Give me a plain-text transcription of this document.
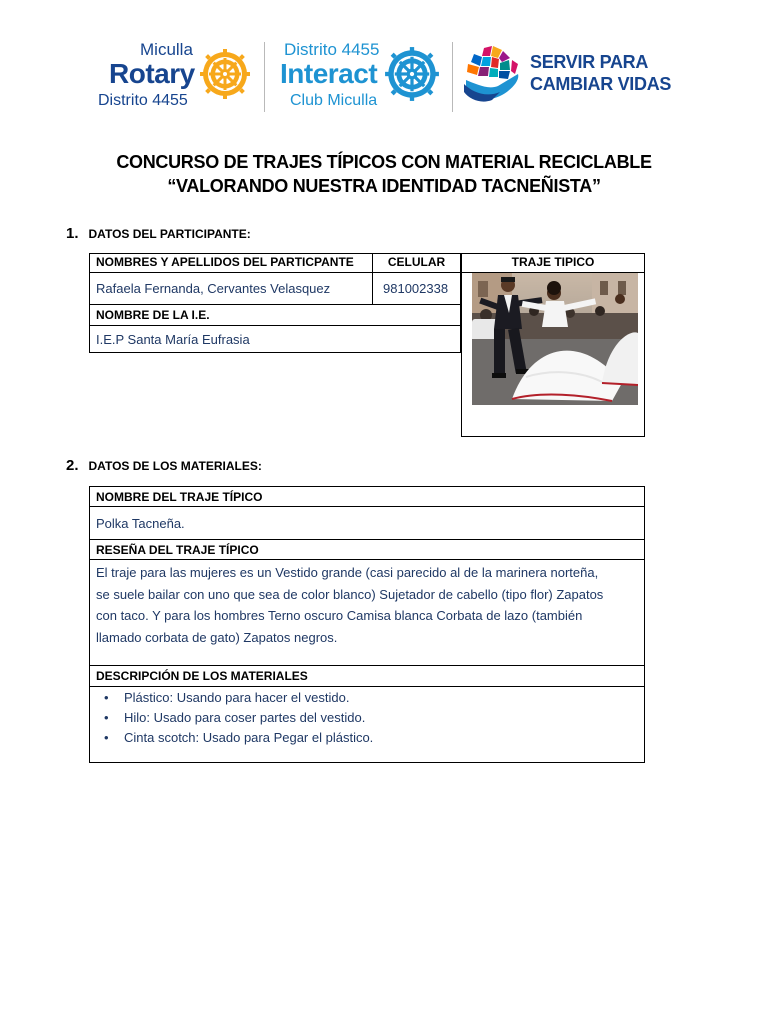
Miculla
Rotary
Distrito 4455
Distrito 4455
Interact
Club Miculla
SERVIR PARA
CAMBIAR VIDAS
CONCURSO DE TRAJES TÍPICOS CON MATERIAL RECICLABLE
“VALORANDO NUESTRA IDENTIDAD TACNEÑISTA”
1. DATOS DEL PARTICIPANTE:
NOMBRES Y APELLIDOS DEL PARTICPANTE	CELULAR
Rafaela Fernanda, Cervantes Velasquez	981002338
NOMBRE DE LA I.E.
I.E.P Santa María Eufrasia
TRAJE TIPICO
2. DATOS DE LOS MATERIALES:
NOMBRE DEL TRAJE TÍPICO
Polka Tacneña.
RESEÑA DEL TRAJE TÍPICO
El traje para las mujeres es un Vestido grande (casi parecido al de la marinera norteña,
se suele bailar con uno que sea de color blanco) Sujetador de cabello (tipo flor) Zapatos
con taco. Y para los hombres Terno oscuro Camisa blanca Corbata de lazo (también
llamado corbata de gato) Zapatos negros.
DESCRIPCIÓN DE LOS MATERIALES
• Plástico: Usando para hacer el vestido.
• Hilo: Usado para coser partes del vestido.
• Cinta scotch: Usado para Pegar el plástico.
